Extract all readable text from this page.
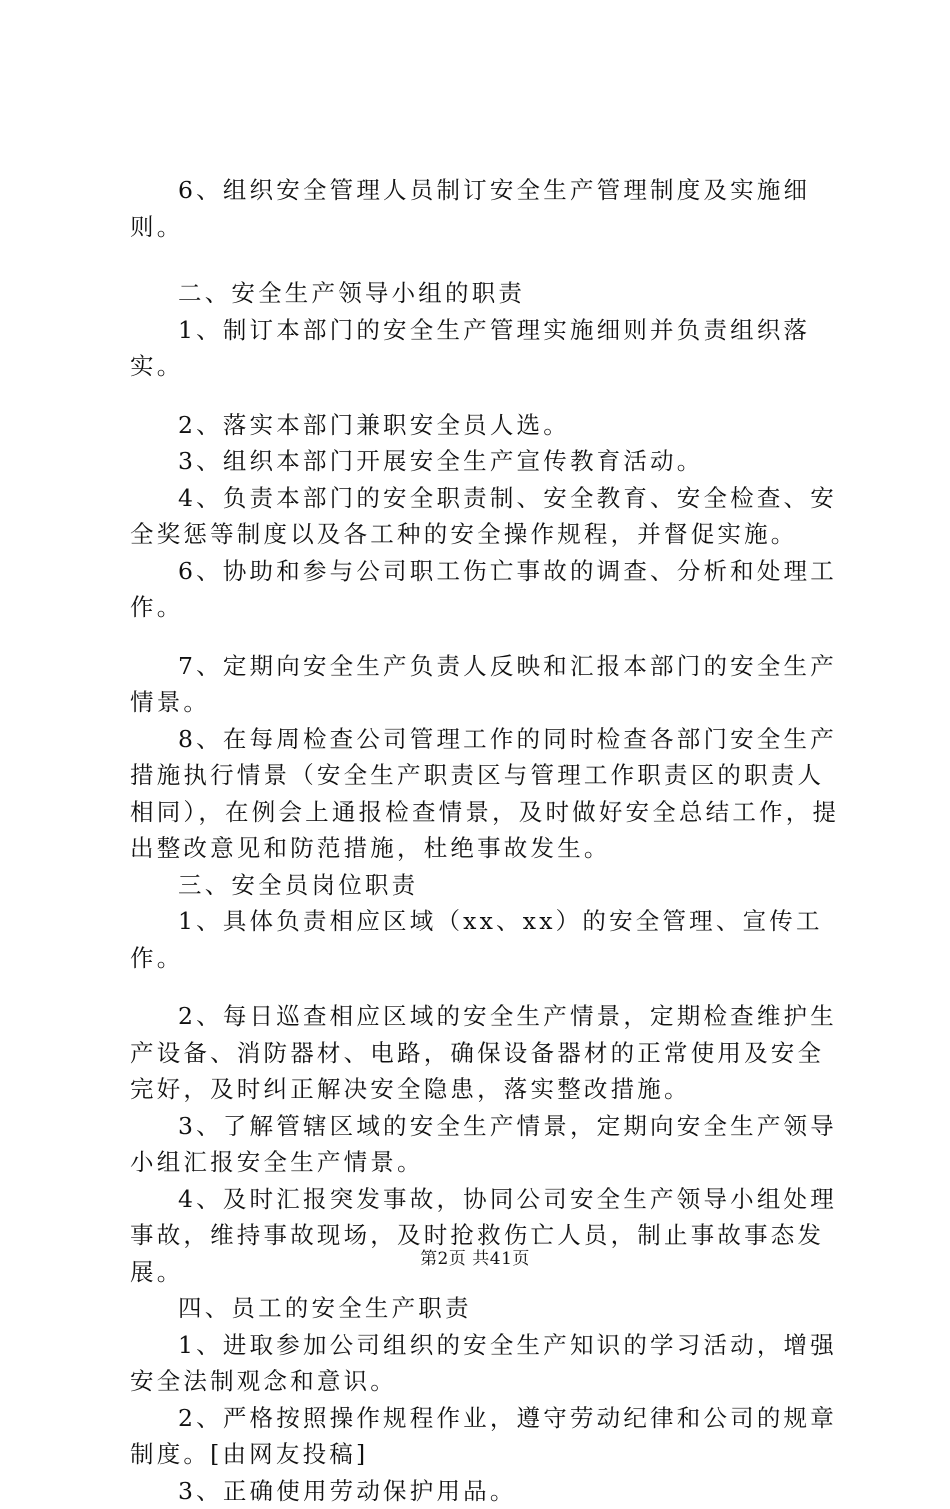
6、组织安全管理人员制订安全生产管理制度及实施细则。

二、安全生产领导小组的职责

1、制订本部门的安全生产管理实施细则并负责组织落实。

2、落实本部门兼职安全员人选。

3、组织本部门开展安全生产宣传教育活动。

4、负责本部门的安全职责制、安全教育、安全检查、安全奖惩等制度以及各工种的安全操作规程，并督促实施。

6、协助和参与公司职工伤亡事故的调查、分析和处理工作。

7、定期向安全生产负责人反映和汇报本部门的安全生产情景。

8、在每周检查公司管理工作的同时检查各部门安全生产措施执行情景（安全生产职责区与管理工作职责区的职责人相同），在例会上通报检查情景，及时做好安全总结工作，提出整改意见和防范措施，杜绝事故发生。

三、安全员岗位职责

1、具体负责相应区域（xx、xx）的安全管理、宣传工作。

2、每日巡查相应区域的安全生产情景，定期检查维护生产设备、消防器材、电路，确保设备器材的正常使用及安全完好，及时纠正解决安全隐患，落实整改措施。

3、了解管辖区域的安全生产情景，定期向安全生产领导小组汇报安全生产情景。

4、及时汇报突发事故，协同公司安全生产领导小组处理事故，维持事故现场，及时抢救伤亡人员，制止事故事态发展。

四、员工的安全生产职责

1、进取参加公司组织的安全生产知识的学习活动，增强安全法制观念和意识。

2、严格按照操作规程作业，遵守劳动纪律和公司的规章制度。[由网友投稿]

3、正确使用劳动保护用品。

第2页 共41页
